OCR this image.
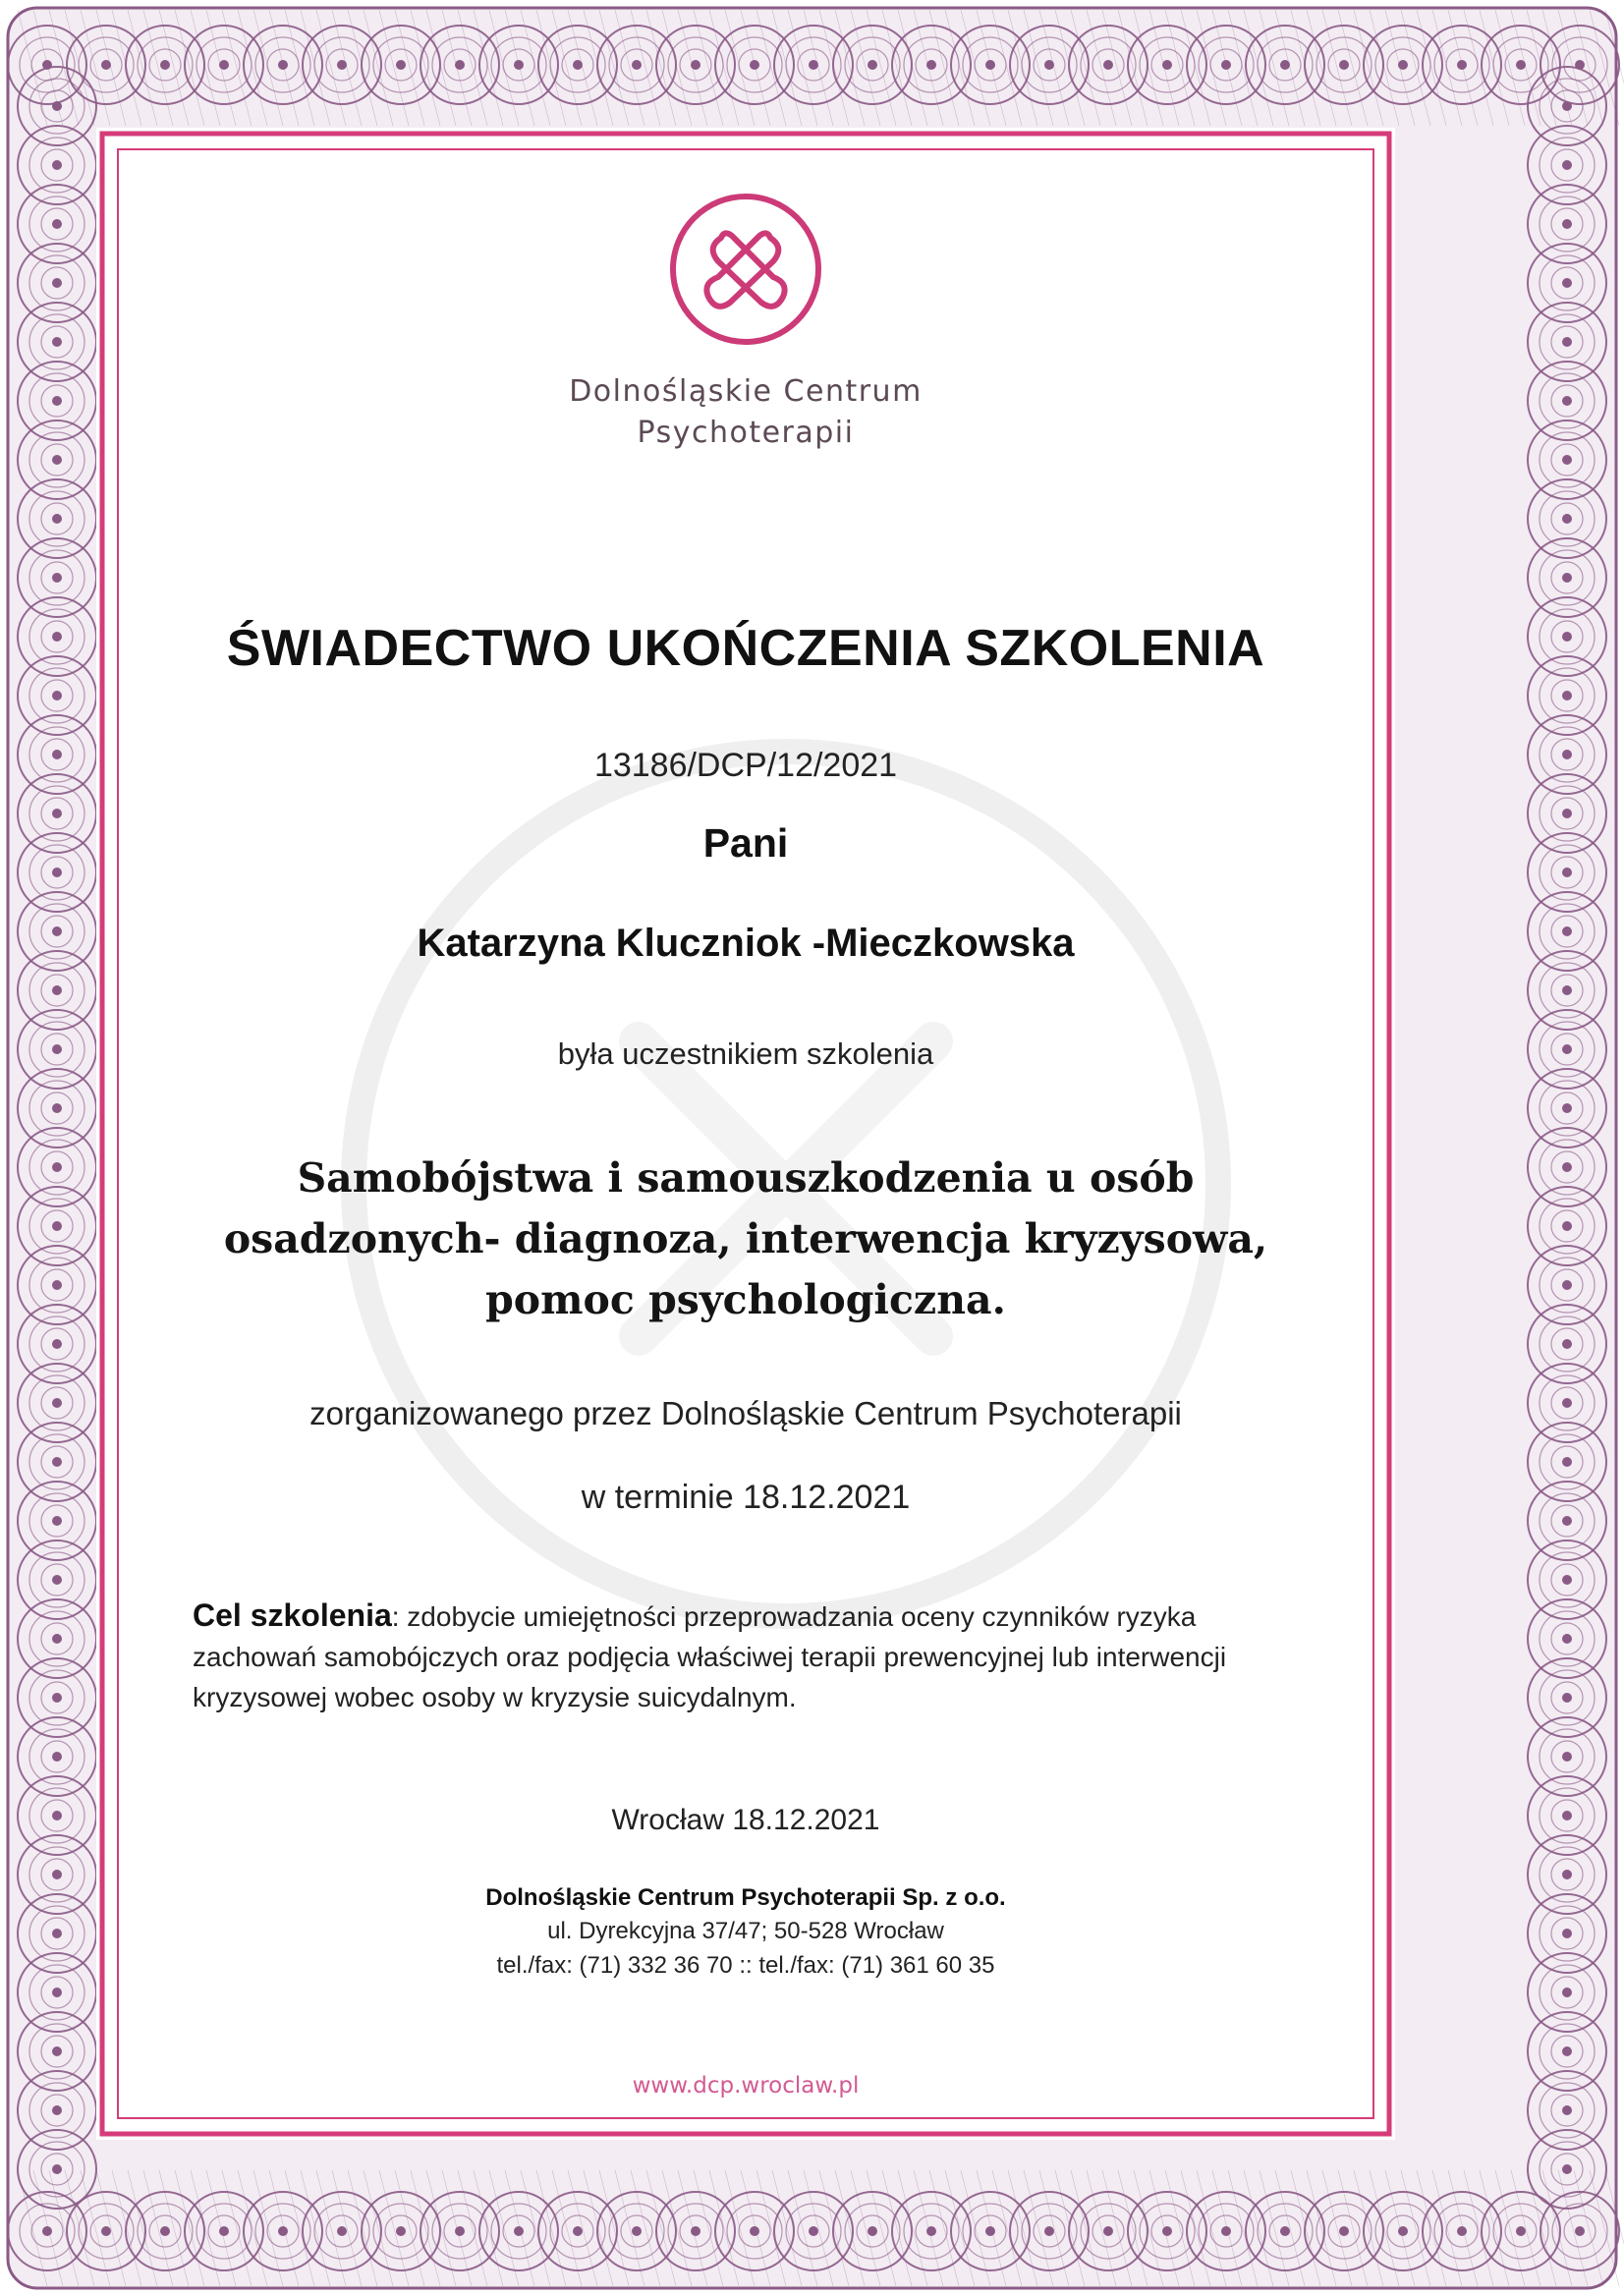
Dolnośląskie Centrum
Psychoterapii

ŚWIADECTWO UKOŃCZENIA SZKOLENIA

13186/DCP/12/2021

Pani

Katarzyna Kluczniok -Mieczkowska

była uczestnikiem szkolenia

Samobójstwa i samouszkodzenia u osób
osadzonych- diagnoza, interwencja kryzysowa,
pomoc psychologiczna.

zorganizowanego przez Dolnośląskie Centrum Psychoterapii

w terminie 18.12.2021

Cel szkolenia: zdobycie umiejętności przeprowadzania oceny czynników ryzyka zachowań samobójczych oraz podjęcia właściwej terapii prewencyjnej lub interwencji kryzysowej wobec osoby w kryzysie suicydalnym.

Wrocław 18.12.2021

Dolnośląskie Centrum Psychoterapii Sp. z o.o.

ul. Dyrekcyjna 37/47; 50-528 Wrocław

tel./fax: (71) 332 36 70 :: tel./fax: (71) 361 60 35

www.dcp.wroclaw.pl
